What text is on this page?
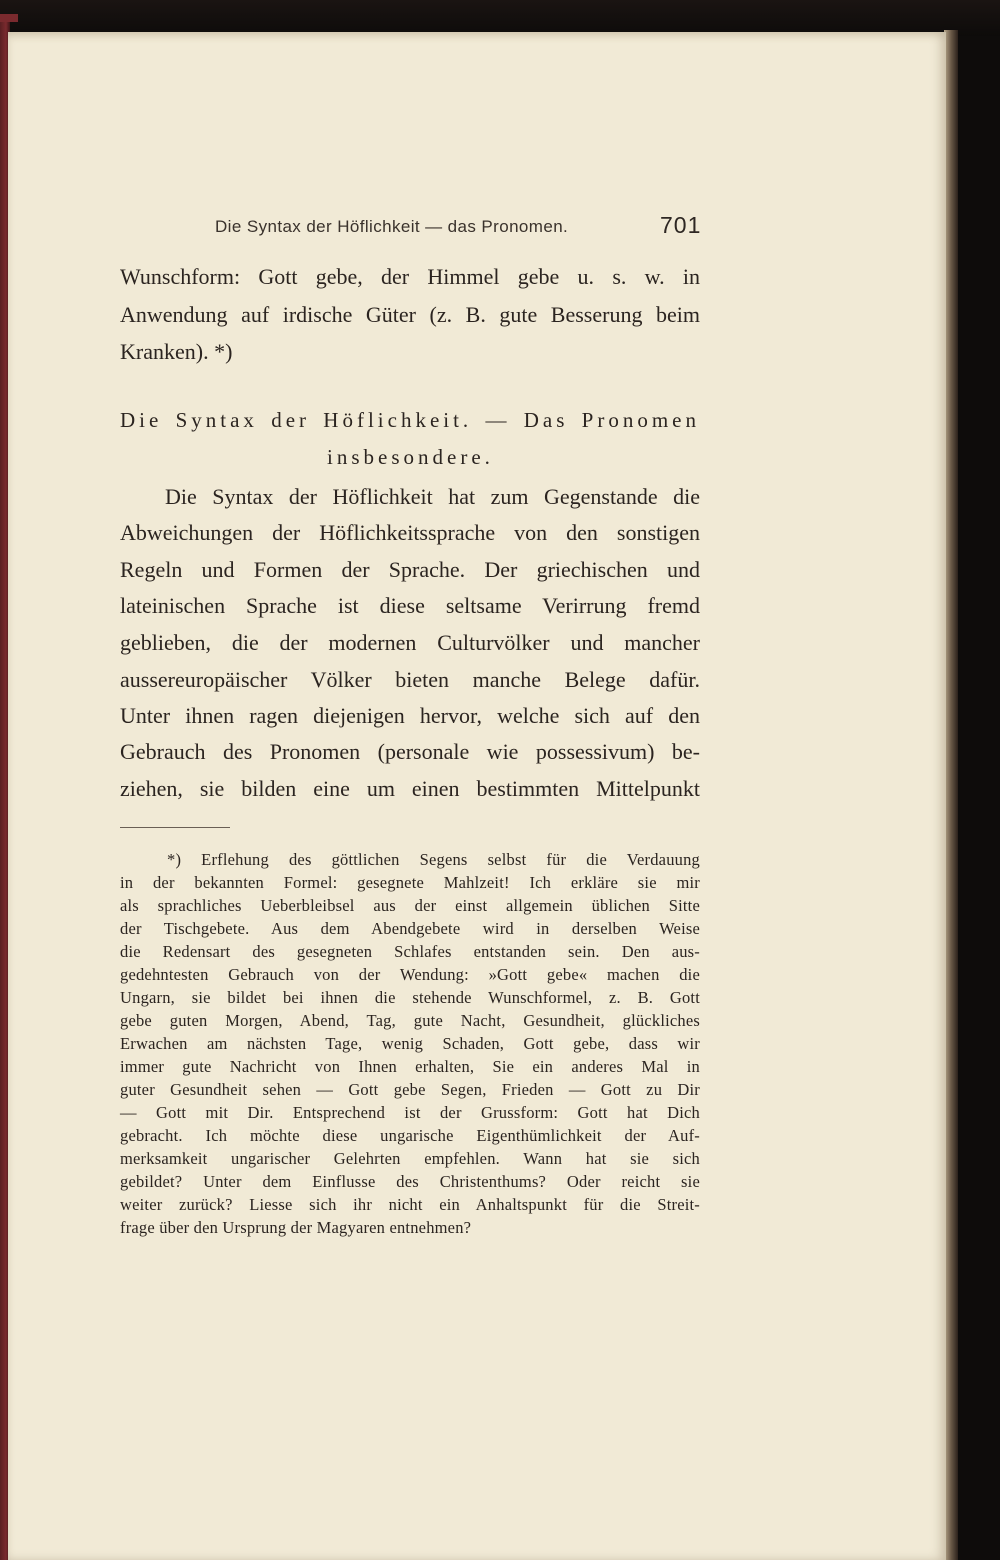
Die Syntax der Höflichkeit — das Pronomen.	701
Wunschform: Gott gebe, der Himmel gebe u. s. w. in
Anwendung auf irdische Güter (z. B. gute Besserung beim
Kranken). *)
Die Syntax der Höflichkeit. — Das Pronomen
insbesondere.
Die Syntax der Höflichkeit hat zum Gegenstande die
Abweichungen der Höflichkeitssprache von den sonstigen
Regeln und Formen der Sprache. Der griechischen und
lateinischen Sprache ist diese seltsame Verirrung fremd
geblieben, die der modernen Culturvölker und mancher
aussereuropäischer Völker bieten manche Belege dafür.
Unter ihnen ragen diejenigen hervor, welche sich auf den
Gebrauch des Pronomen (personale wie possessivum) be-
ziehen, sie bilden eine um einen bestimmten Mittelpunkt
*) Erflehung des göttlichen Segens selbst für die Verdauung
in der bekannten Formel: gesegnete Mahlzeit! Ich erkläre sie mir
als sprachliches Ueberbleibsel aus der einst allgemein üblichen Sitte
der Tischgebete. Aus dem Abendgebete wird in derselben Weise
die Redensart des gesegneten Schlafes entstanden sein. Den aus-
gedehntesten Gebrauch von der Wendung: »Gott gebe« machen die
Ungarn, sie bildet bei ihnen die stehende Wunschformel, z. B. Gott
gebe guten Morgen, Abend, Tag, gute Nacht, Gesundheit, glückliches
Erwachen am nächsten Tage, wenig Schaden, Gott gebe, dass wir
immer gute Nachricht von Ihnen erhalten, Sie ein anderes Mal in
guter Gesundheit sehen — Gott gebe Segen, Frieden — Gott zu Dir
— Gott mit Dir. Entsprechend ist der Grussform: Gott hat Dich
gebracht. Ich möchte diese ungarische Eigenthümlichkeit der Auf-
merksamkeit ungarischer Gelehrten empfehlen. Wann hat sie sich
gebildet? Unter dem Einflusse des Christenthums? Oder reicht sie
weiter zurück? Liesse sich ihr nicht ein Anhaltspunkt für die Streit-
frage über den Ursprung der Magyaren entnehmen?
